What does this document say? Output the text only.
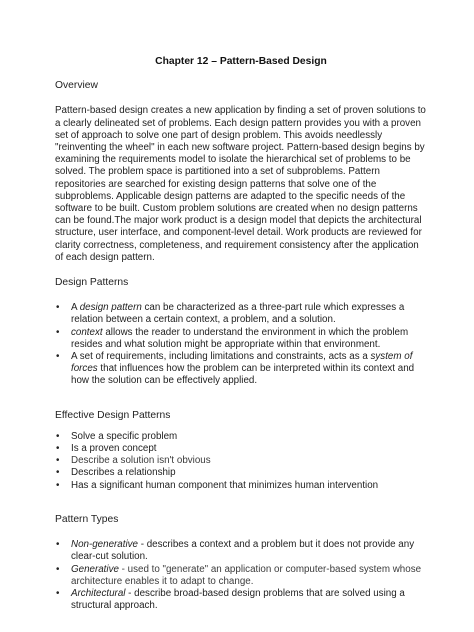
Chapter 12 – Pattern-Based Design
Overview

Pattern-based design creates a new application by finding a set of proven solutions to a clearly delineated set of problems. Each design pattern provides you with a proven set of approach to solve one part of design problem. This avoids needlessly "reinventing the wheel" in each new software project. Pattern-based design begins by examining the requirements model to isolate the hierarchical set of problems to be solved. The problem space is partitioned into a set of subproblems. Pattern repositories are searched for existing design patterns that solve one of the subproblems. Applicable design patterns are adapted to the specific needs of the software to be built. Custom problem solutions are created when no design patterns can be found.The major work product is a design model that depicts the architectural structure, user interface, and component-level detail. Work products are reviewed for clarity correctness, completeness, and requirement consistency after the application of each design pattern.

Design Patterns
• A design pattern can be characterized as a three-part rule which expresses a relation between a certain context, a problem, and a solution.
• context allows the reader to understand the environment in which the problem resides and what solution might be appropriate within that environment.
• A set of requirements, including limitations and constraints, acts as a system of forces that influences how the problem can be interpreted within its context and how the solution can be effectively applied.
Effective Design Patterns
• Solve a specific problem
• Is a proven concept
• Describe a solution isn't obvious
• Describes a relationship
• Has a significant human component that minimizes human intervention
Pattern Types
• Non-generative - describes a context and a problem but it does not provide any clear-cut solution.
• Generative - used to "generate" an application or computer-based system whose architecture enables it to adapt to change.
• Architectural - describe broad-based design problems that are solved using a structural approach.
